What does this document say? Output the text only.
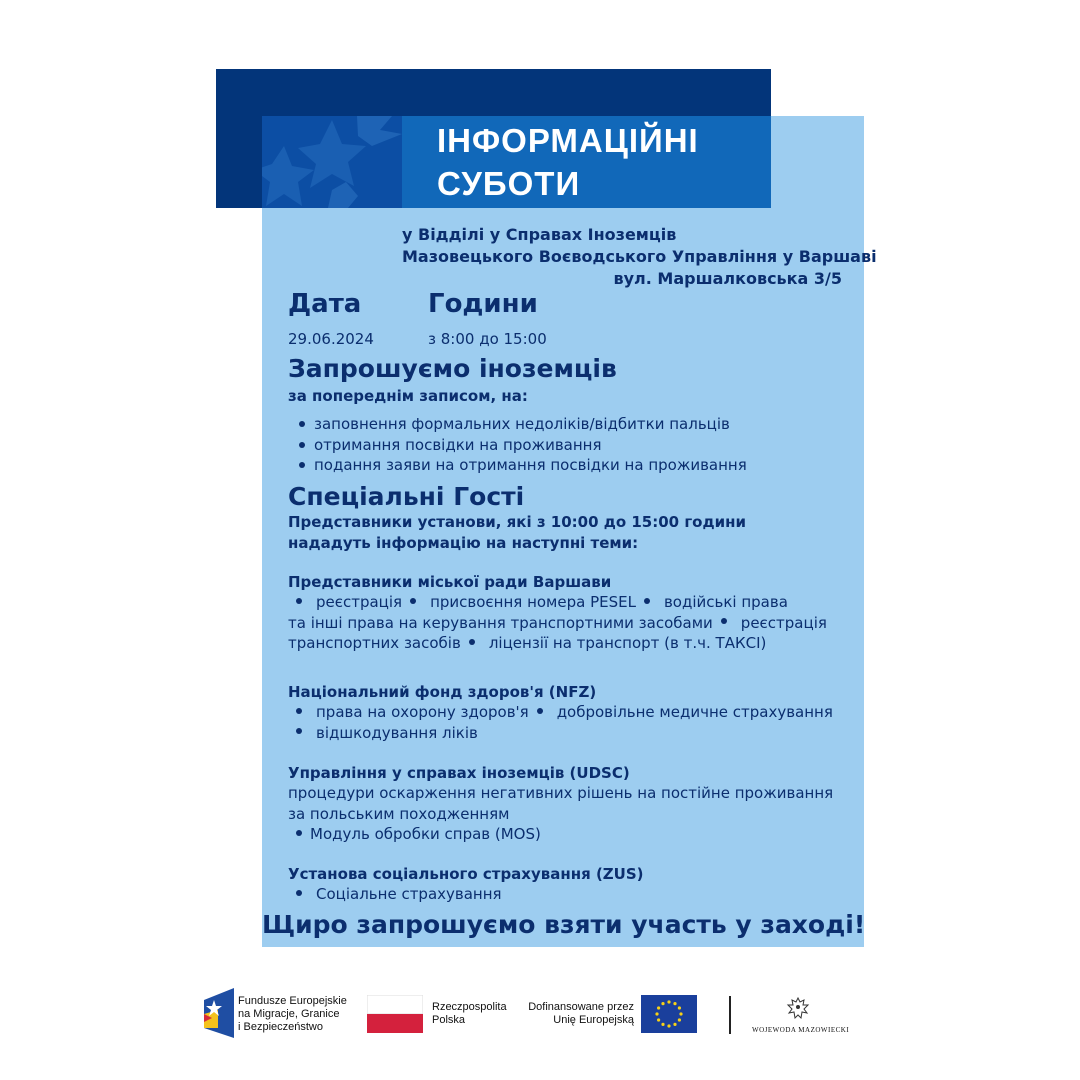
ІНФОРМАЦІЙНІ
СУБОТИ
у Відділі у Справах Іноземців
Мазовецького Воєводського Управління у Варшаві
вул. Маршалковська 3/5
Дата	Години
29.06.2024	з 8:00 до 15:00
Запрошуємо іноземців
за попереднім записом, на:
заповнення формальних недоліків/відбитки пальців
отримання посвідки на проживання
подання заяви на отримання посвідки на проживання
Спеціальні Гості
Представники установи, які з 10:00 до 15:00 години
нададуть інформацію на наступні теми:
Представники міської ради Варшави
реєстрація присвоєння номера PESEL водійські права
та інші права на керування транспортними засобами реєстрація
транспортних засобів ліцензії на транспорт (в т.ч. ТАКСІ)
Національний фонд здоров'я (NFZ)
права на охорону здоров'я добровільне медичне страхування
відшкодування ліків
Управління у справах іноземців (UDSC)
процедури оскарження негативних рішень на постійне проживання
за польським походженням
Модуль обробки справ (MOS)
Установа соціального страхування (ZUS)
Соціальне страхування
Щиро запрошуємо взяти участь у заході!
Fundusze Europejskie
na Migracje, Granice
i Bezpieczeństwo
Rzeczpospolita
Polska
Dofinansowane przez
Unię Europejską
WOJEWODA MAZOWIECKI
